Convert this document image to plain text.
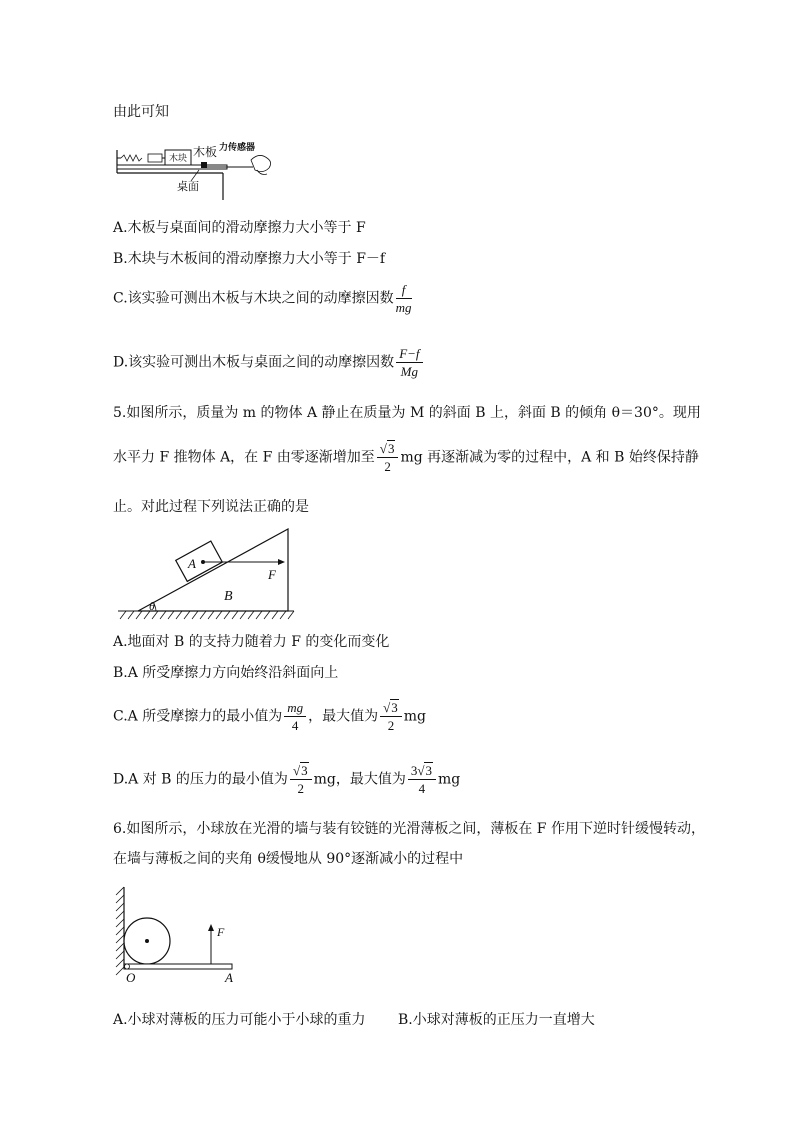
由此可知
木块 木板 力传感器
桌面
A.木板与桌面间的滑动摩擦力大小等于 F
B.木块与木板间的滑动摩擦力大小等于 F－f
C.该实验可测出木板与木块之间的动摩擦因数 $\frac{f}{mg}$
D.该实验可测出木板与桌面之间的动摩擦因数 $\frac{F-f}{Mg}$
5.如图所示，质量为 m 的物体 A 静止在质量为 M 的斜面 B 上，斜面 B 的倾角 θ＝30°。现用
水平力 F 推物体 A，在 F 由零逐渐增加至 $\frac{√3}{2}$ mg 再逐渐减为零的过程中，A 和 B 始终保持静
止。对此过程下列说法正确的是
A
F
B
θ
A.地面对 B 的支持力随着力 F 的变化而变化
B.A 所受摩擦力方向始终沿斜面向上
C.A 所受摩擦力的最小值为 $\frac{mg}{4}$ ，最大值为 $\frac{√3}{2}$ mg
D.A 对 B 的压力的最小值为 $\frac{√3}{2}$ mg，最大值为 $\frac{3√3}{4}$ mg
6.如图所示，小球放在光滑的墙与装有铰链的光滑薄板之间，薄板在 F 作用下逆时针缓慢转动，
在墙与薄板之间的夹角 θ缓慢地从 90°逐渐减小的过程中
F
O	A
A.小球对薄板的压力可能小于小球的重力 B.小球对薄板的正压力一直增大
